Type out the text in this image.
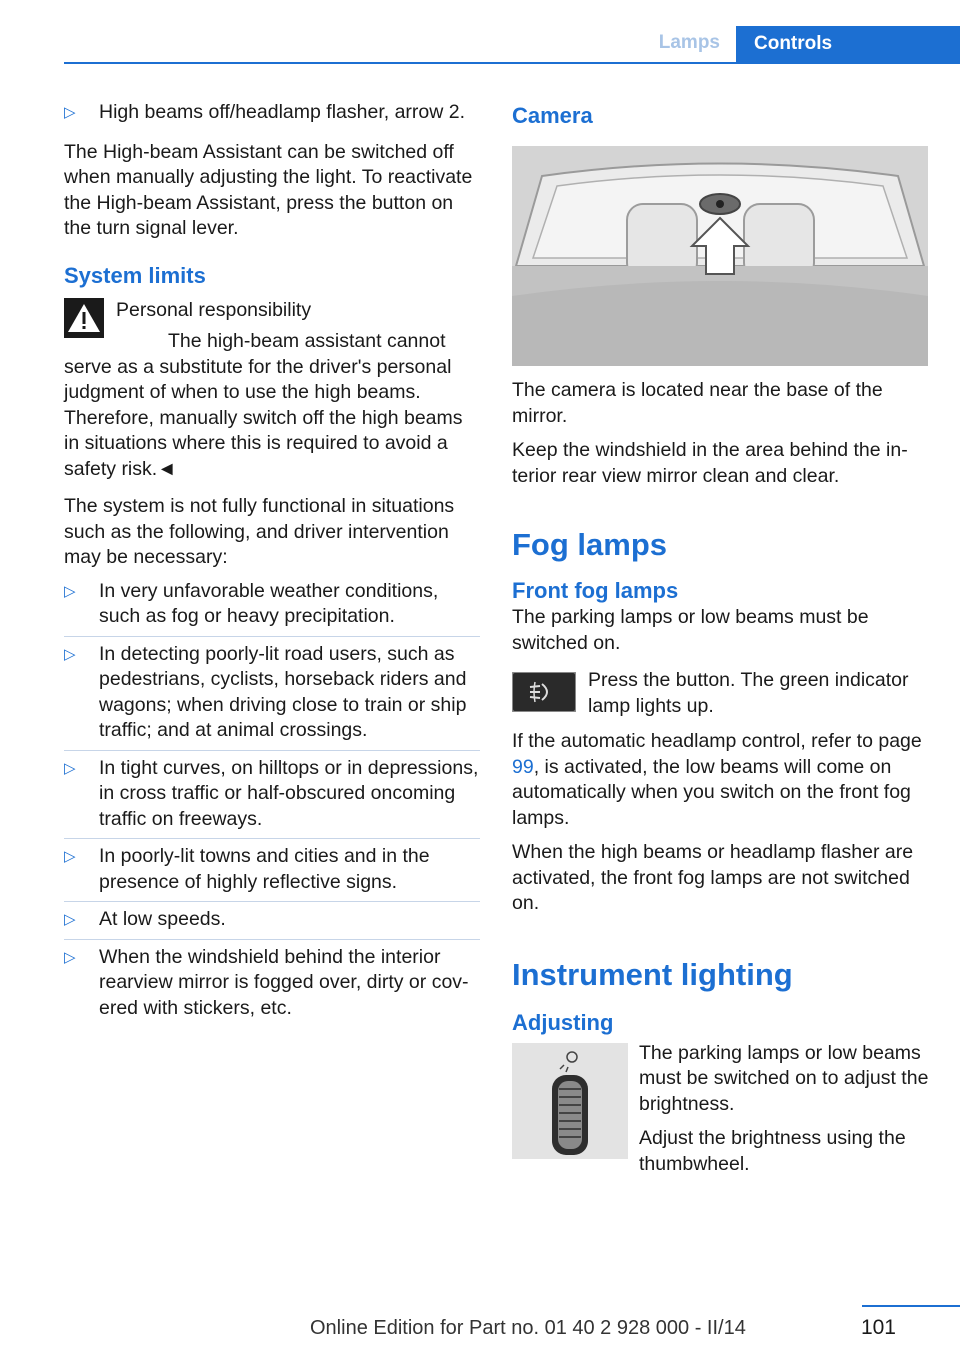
Lamps	Controls
▷ High beams off/headlamp flasher, arrow 2.

The High-beam Assistant can be switched off when manually adjusting the light. To reactivate the High-beam Assistant, press the button on the turn signal lever.

System limits

Personal responsibility

The high-beam assistant cannot serve as a substitute for the driver's personal judgment of when to use the high beams. Therefore, manually switch off the high beams in situations where this is required to avoid a safety risk.◄

The system is not fully functional in situations such as the following, and driver intervention may be necessary:

▷ In very unfavorable weather conditions, such as fog or heavy precipitation.
▷ In detecting poorly-lit road users, such as pedestrians, cyclists, horseback riders and wagons; when driving close to train or ship traffic; and at animal crossings.
▷ In tight curves, on hilltops or in depressions, in cross traffic or half-obscured oncoming traffic on freeways.
▷ In poorly-lit towns and cities and in the presence of highly reflective signs.
▷ At low speeds.
▷ When the windshield behind the interior rearview mirror is fogged over, dirty or covered with stickers, etc.
Camera

The camera is located near the base of the mirror.

Keep the windshield in the area behind the interior rear view mirror clean and clear.

Fog lamps
Front fog lamps

The parking lamps or low beams must be switched on.

Press the button. The green indicator lamp lights up.

If the automatic headlamp control, refer to page 99, is activated, the low beams will come on automatically when you switch on the front fog lamps.

When the high beams or headlamp flasher are activated, the front fog lamps are not switched on.

Instrument lighting
Adjusting

The parking lamps or low beams must be switched on to adjust the brightness.

Adjust the brightness using the thumbwheel.

101
Online Edition for Part no. 01 40 2 928 000 - II/14
